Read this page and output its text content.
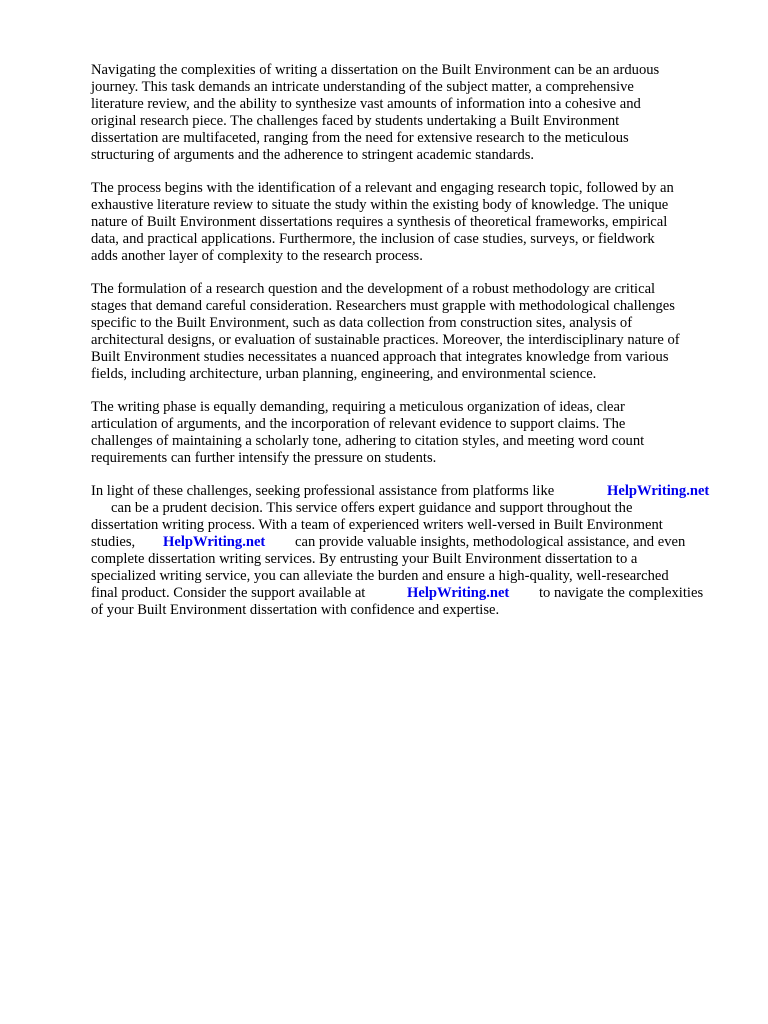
Navigating the complexities of writing a dissertation on the Built Environment can be an arduous
journey. This task demands an intricate understanding of the subject matter, a comprehensive
literature review, and the ability to synthesize vast amounts of information into a cohesive and
original research piece. The challenges faced by students undertaking a Built Environment
dissertation are multifaceted, ranging from the need for extensive research to the meticulous
structuring of arguments and the adherence to stringent academic standards.
The process begins with the identification of a relevant and engaging research topic, followed by an
exhaustive literature review to situate the study within the existing body of knowledge. The unique
nature of Built Environment dissertations requires a synthesis of theoretical frameworks, empirical
data, and practical applications. Furthermore, the inclusion of case studies, surveys, or fieldwork
adds another layer of complexity to the research process.
The formulation of a research question and the development of a robust methodology are critical
stages that demand careful consideration. Researchers must grapple with methodological challenges
specific to the Built Environment, such as data collection from construction sites, analysis of
architectural designs, or evaluation of sustainable practices. Moreover, the interdisciplinary nature of
Built Environment studies necessitates a nuanced approach that integrates knowledge from various
fields, including architecture, urban planning, engineering, and environmental science.
The writing phase is equally demanding, requiring a meticulous organization of ideas, clear
articulation of arguments, and the incorporation of relevant evidence to support claims. The
challenges of maintaining a scholarly tone, adhering to citation styles, and meeting word count
requirements can further intensify the pressure on students.
In light of these challenges, seeking professional assistance from platforms like	HelpWriting.net
can be a prudent decision. This service offers expert guidance and support throughout the
dissertation writing process. With a team of experienced writers well-versed in Built Environment
studies, HelpWriting.net can provide valuable insights, methodological assistance, and even
complete dissertation writing services. By entrusting your Built Environment dissertation to a
specialized writing service, you can alleviate the burden and ensure a high-quality, well-researched
final product. Consider the support available at	HelpWriting.net to navigate the complexities
of your Built Environment dissertation with confidence and expertise.
